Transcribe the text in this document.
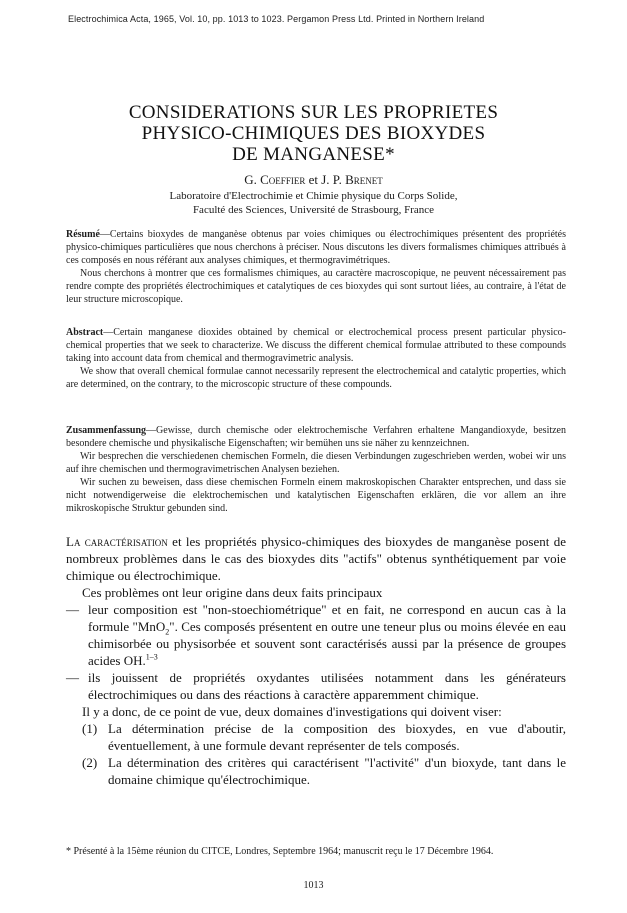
Electrochimica Acta, 1965, Vol. 10, pp. 1013 to 1023. Pergamon Press Ltd. Printed in Northern Ireland
CONSIDERATIONS SUR LES PROPRIETES
PHYSICO-CHIMIQUES DES BIOXYDES
DE MANGANESE*
G. Coeffier et J. P. Brenet
Laboratoire d'Electrochimie et Chimie physique du Corps Solide,
Faculté des Sciences, Université de Strasbourg, France

Résumé—Certains bioxydes de manganèse obtenus par voies chimiques ou électrochimiques présentent des propriétés physico-chimiques particulières que nous cherchons à préciser. Nous discutons les divers formalismes chimiques attribués à ces composés en nous référant aux analyses chimiques, et thermogravimétriques.

Nous cherchons à montrer que ces formalismes chimiques, au caractère macroscopique, ne peuvent nécessairement pas rendre compte des propriétés électrochimiques et catalytiques de ces bioxydes qui sont surtout liées, au contraire, à l'état de leur structure microscopique.

Abstract—Certain manganese dioxides obtained by chemical or electrochemical process present particular physico-chemical properties that we seek to characterize. We discuss the different chemical formulae attributed to these compounds taking into account data from chemical and thermogravimetric analysis.

We show that overall chemical formulae cannot necessarily represent the electrochemical and catalytic properties, which are determined, on the contrary, to the microscopic structure of these compounds.

Zusammenfassung—Gewisse, durch chemische oder elektrochemische Verfahren erhaltene Mangandioxyde, besitzen besondere chemische und physikalische Eigenschaften; wir bemühen uns sie näher zu kennzeichnen.

Wir besprechen die verschiedenen chemischen Formeln, die diesen Verbindungen zugeschrieben werden, wobei wir uns auf ihre chemischen und thermogravimetrischen Analysen beziehen.

Wir suchen zu beweisen, dass diese chemischen Formeln einem makroskopischen Charakter entsprechen, und dass sie nicht notwendigerweise die elektrochemischen und katalytischen Eigenschaften erklären, die vor allem an ihre mikroskopische Struktur gebunden sind.

La caractérisation et les propriétés physico-chimiques des bioxydes de manganèse posent de nombreux problèmes dans le cas des bioxydes dits "actifs" obtenus synthétiquement par voie chimique ou électrochimique.

Ces problèmes ont leur origine dans deux faits principaux

— leur composition est "non-stoechiométrique" et en fait, ne correspond en aucun cas à la formule "MnO$_2$". Ces composés présentent en outre une teneur plus ou moins élevée en eau chimisorbée ou physisorbée et souvent sont caractérisés aussi par la présence de groupes acides OH.$^{1-3}$
— ils jouissent de propriétés oxydantes utilisées notamment dans les générateurs électrochimiques ou dans des réactions à caractère apparemment chimique.

Il y a donc, de ce point de vue, deux domaines d'investigations qui doivent viser:

(1) La détermination précise de la composition des bioxydes, en vue d'aboutir, éventuellement, à une formule devant représenter de tels composés.
(2) La détermination des critères qui caractérisent "l'activité" d'un bioxyde, tant dans le domaine chimique qu'électrochimique.
* Présenté à la 15ème réunion du CITCE, Londres, Septembre 1964; manuscrit reçu le 17 Décembre 1964.
1013
